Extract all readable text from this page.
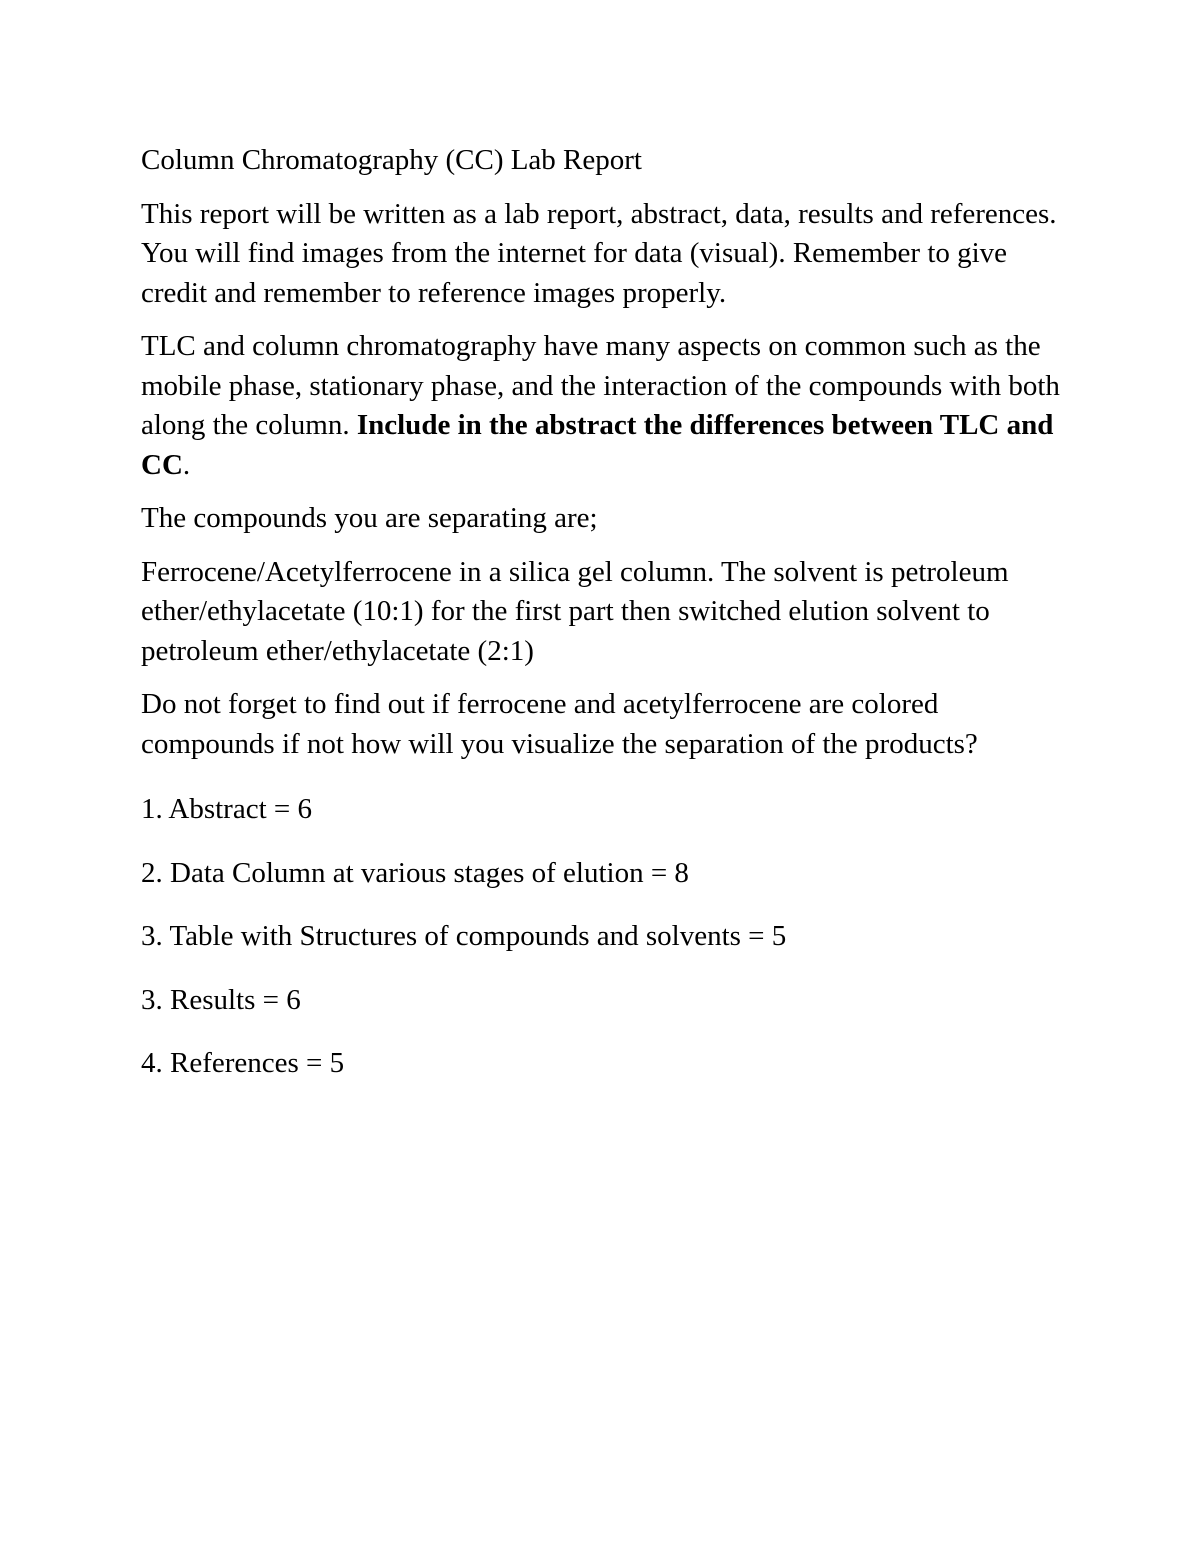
Column Chromatography (CC) Lab Report

This report will be written as a lab report, abstract, data, results and references. You will find images from the internet for data (visual). Remember to give credit and remember to reference images properly.

TLC and column chromatography have many aspects on common such as the mobile phase, stationary phase, and the interaction of the compounds with both along the column. Include in the abstract the differences between TLC and CC.

The compounds you are separating are;

Ferrocene/Acetylferrocene in a silica gel column. The solvent is petroleum ether/ethylacetate (10:1) for the first part then switched elution solvent to petroleum ether/ethylacetate (2:1)

Do not forget to find out if ferrocene and acetylferrocene are colored compounds if not how will you visualize the separation of the products?

1. Abstract = 6

2. Data Column at various stages of elution = 8

3. Table with Structures of compounds and solvents = 5

3. Results = 6

4. References = 5
